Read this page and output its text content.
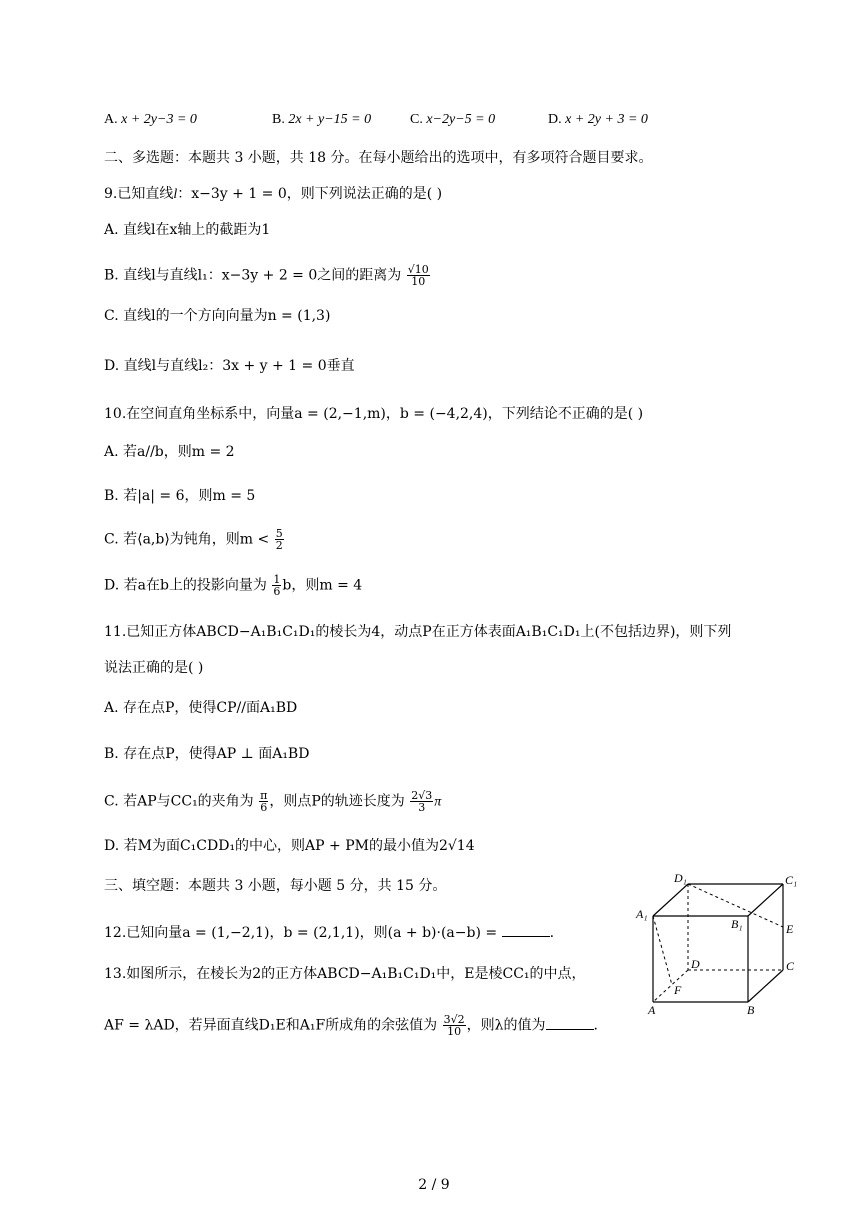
A. x + 2y−3 = 0	B. 2x + y−15 = 0	C. x−2y−5 = 0	D. x + 2y + 3 = 0
二、多选题：本题共 3 小题，共 18 分。在每小题给出的选项中，有多项符合题目要求。
9.已知直线l：x−3y + 1 = 0，则下列说法正确的是( )
A. 直线l在x轴上的截距为1
B. 直线l与直线l₁：x−3y + 2 = 0之间的距离为 $\frac{√10}{10}$
C. 直线l的一个方向向量为n = (1,3)
D. 直线l与直线l₂：3x + y + 1 = 0垂直
10.在空间直角坐标系中，向量a = (2,−1,m)，b = (−4,2,4)，下列结论不正确的是( )
A. 若a//b，则m = 2
B. 若|a| = 6，则m = 5
C. 若⟨a,b⟩为钝角，则$m < \frac{5}{2}$
D. 若a在b上的投影向量为 $\frac{1}{6}$ b，则m = 4
11.已知正方体ABCD−A₁B₁C₁D₁的棱长为4，动点P在正方体表面A₁B₁C₁D₁上(不包括边界)，则下列
说法正确的是( )
A. 存在点P，使得CP//面A₁BD
B. 存在点P，使得AP ⊥ 面A₁BD
C. 若AP与CC₁的夹角为 $\frac{\pi}{6}$ ，则点P的轨迹长度为 $\frac{2√3}{3}$ π
D. 若M为面C₁CDD₁的中心，则AP + PM的最小值为2√14
三、填空题：本题共 3 小题，每小题 5 分，共 15 分。
12.已知向量a = (1,−2,1)，b = (2,1,1)，则(a + b)·(a−b) =	.
13.如图所示，在棱长为2的正方体ABCD−A₁B₁C₁D₁中，E是棱CC₁的中点，
AF = λAD，若异面直线D₁E和A₁F所成角的余弦值为 $\frac{3√2}{10}$ ，则λ的值为	.
D₁	C₁
A₁
B₁	E
D	C
F
A	B
2 / 9
